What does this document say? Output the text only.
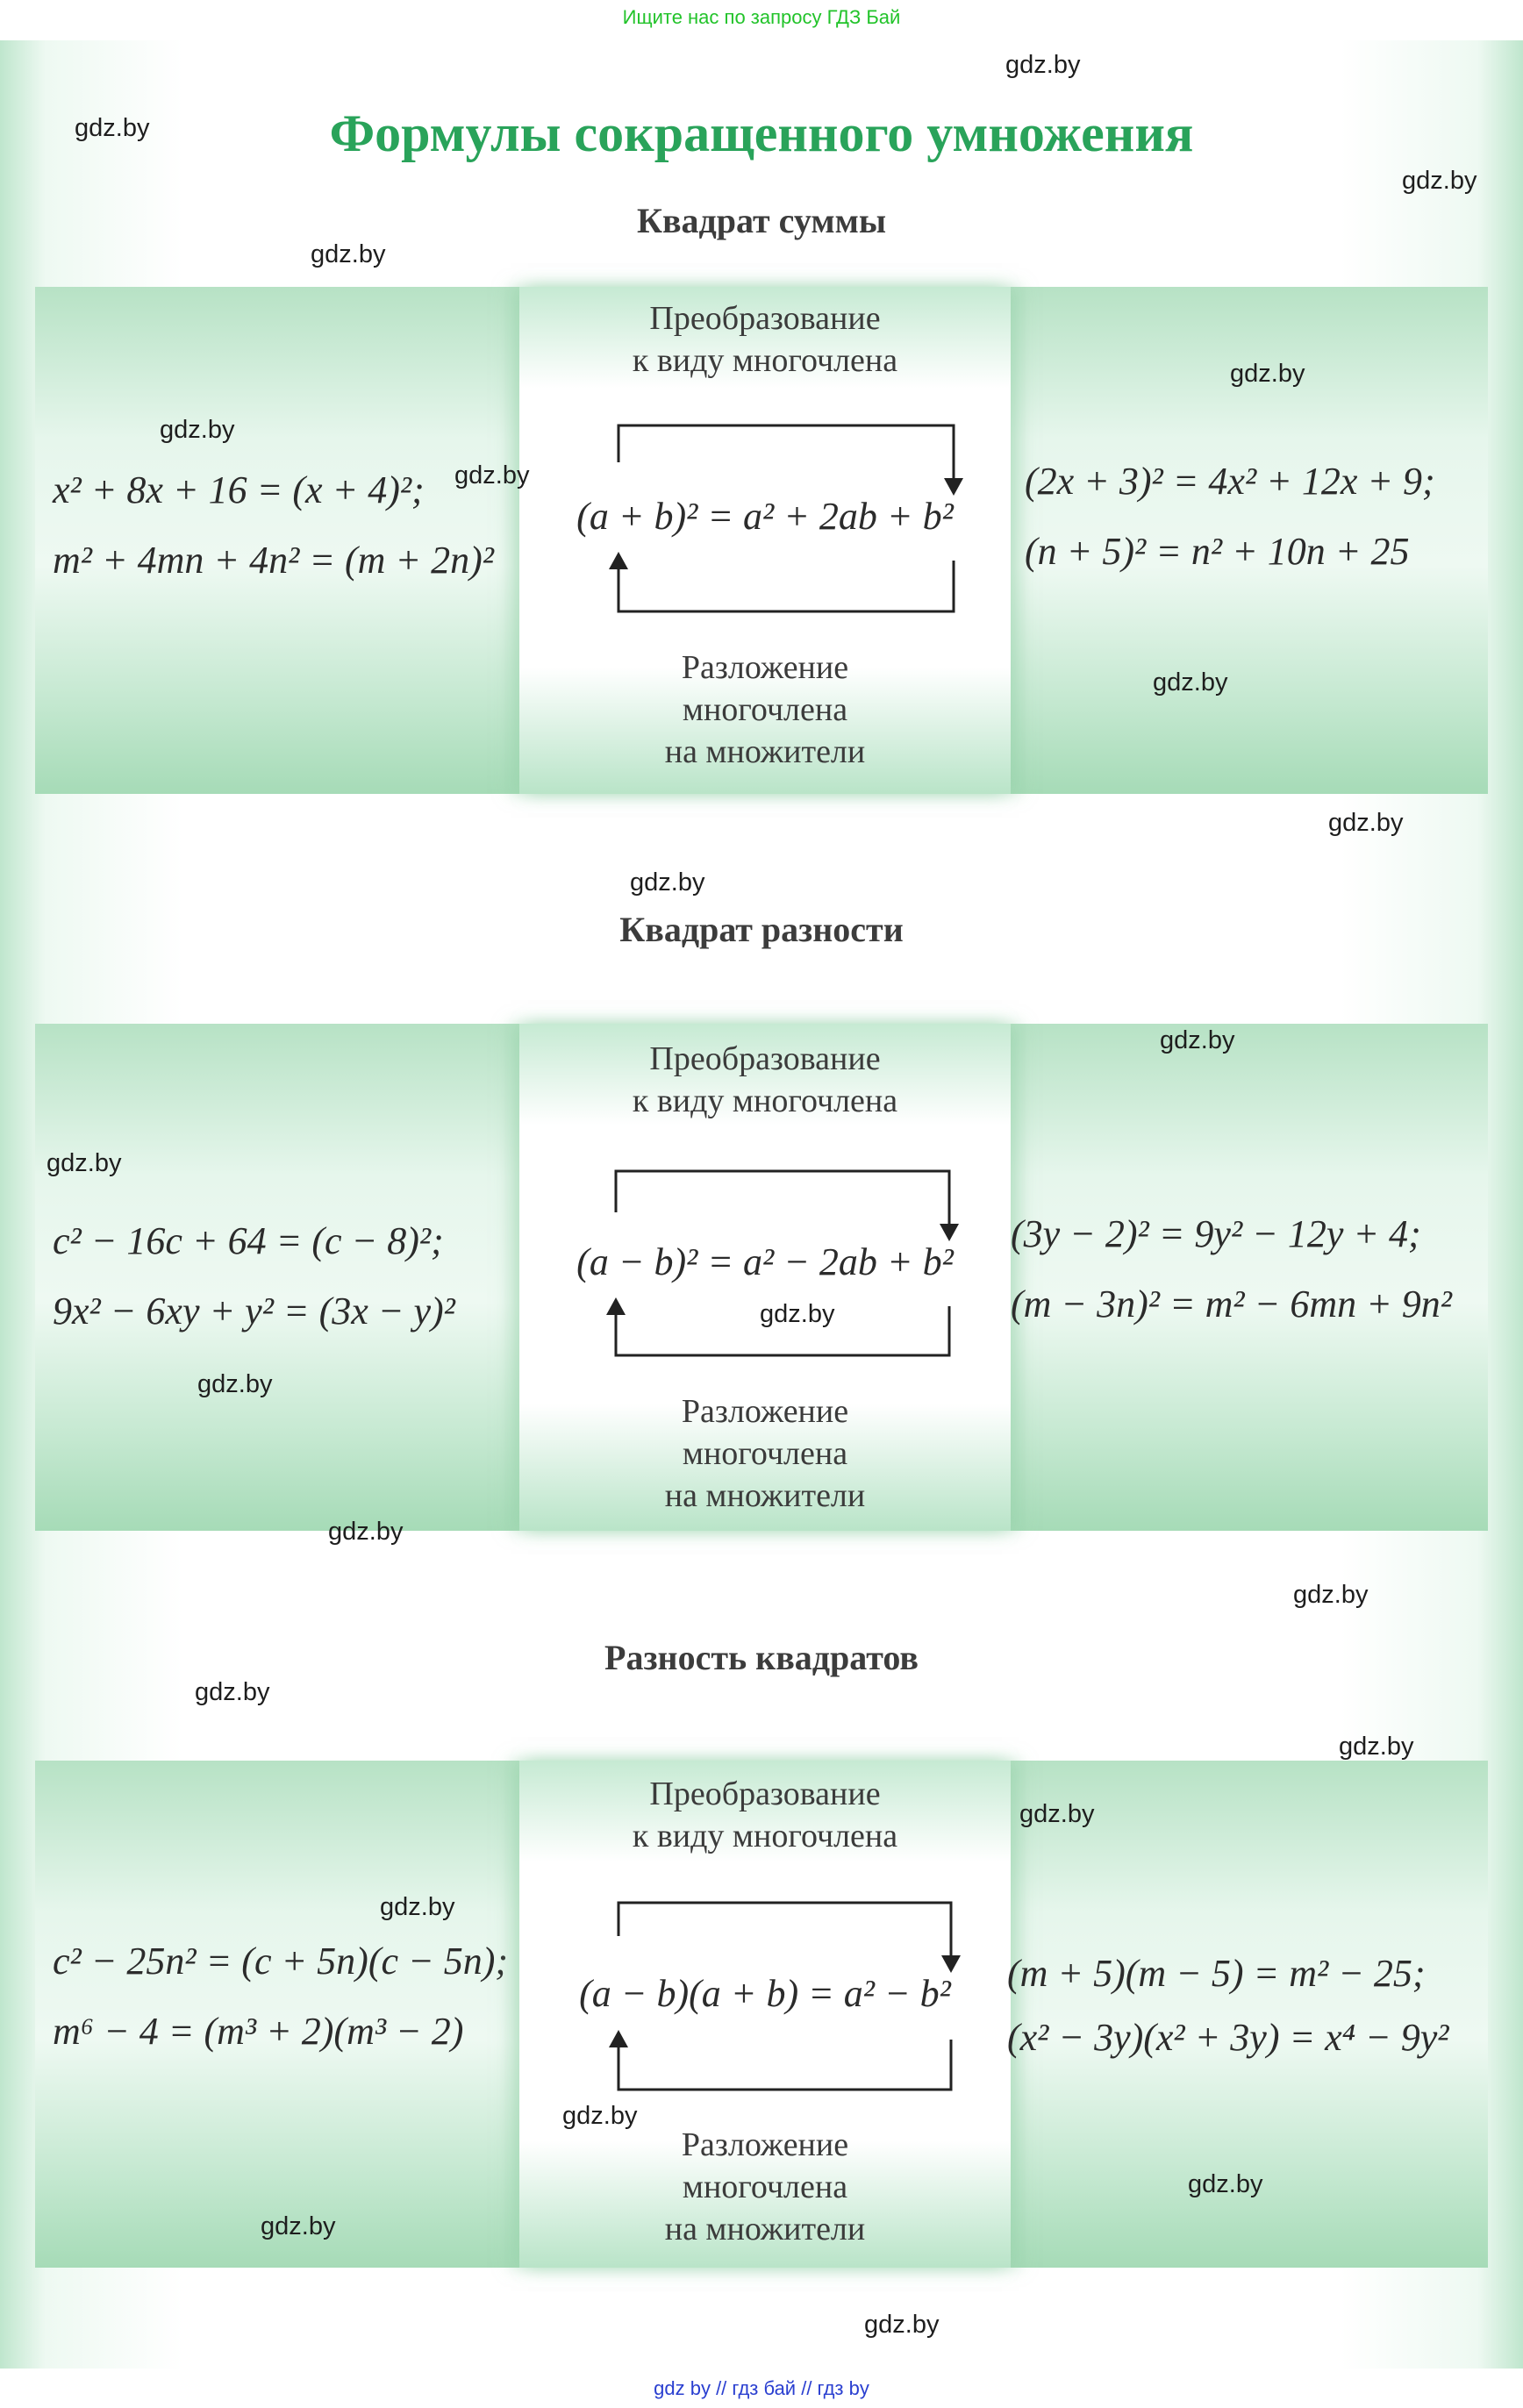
Ищите нас по запросу ГДЗ Бай
Формулы сокращенного умножения
Квадрат суммы
x² + 8x + 16 = (x + 4)²;
m² + 4mn + 4n² = (m + 2n)²
Преобразование
к виду многочлена
(a + b)² = a² + 2ab + b²
Разложение
многочлена
на множители
(2x + 3)² = 4x² + 12x + 9;
(n + 5)² = n² + 10n + 25
Квадрат разности
c² − 16c + 64 = (c − 8)²;
9x² − 6xy + y² = (3x − y)²
Преобразование
к виду многочлена
(a − b)² = a² − 2ab + b²
Разложение
многочлена
на множители
(3y − 2)² = 9y² − 12y + 4;
(m − 3n)² = m² − 6mn + 9n²
Разность квадратов
c² − 25n² = (c + 5n)(c − 5n);
m⁶ − 4 = (m³ + 2)(m³ − 2)
Преобразование
к виду многочлена
(a − b)(a + b) = a² − b²
Разложение
многочлена
на множители
(m + 5)(m − 5) = m² − 25;
(x² − 3y)(x² + 3y) = x⁴ − 9y²
gdz.by
gdz.by
gdz.by
gdz.by
gdz.by
gdz.by
gdz.by
gdz.by
gdz.by
gdz.by
gdz.by
gdz.by
gdz.by
gdz.by
gdz.by
gdz.by
gdz.by
gdz.by
gdz.by
gdz.by
gdz.by
gdz.by
gdz.by
gdz.by
gdz by // гдз бай // гдз by
